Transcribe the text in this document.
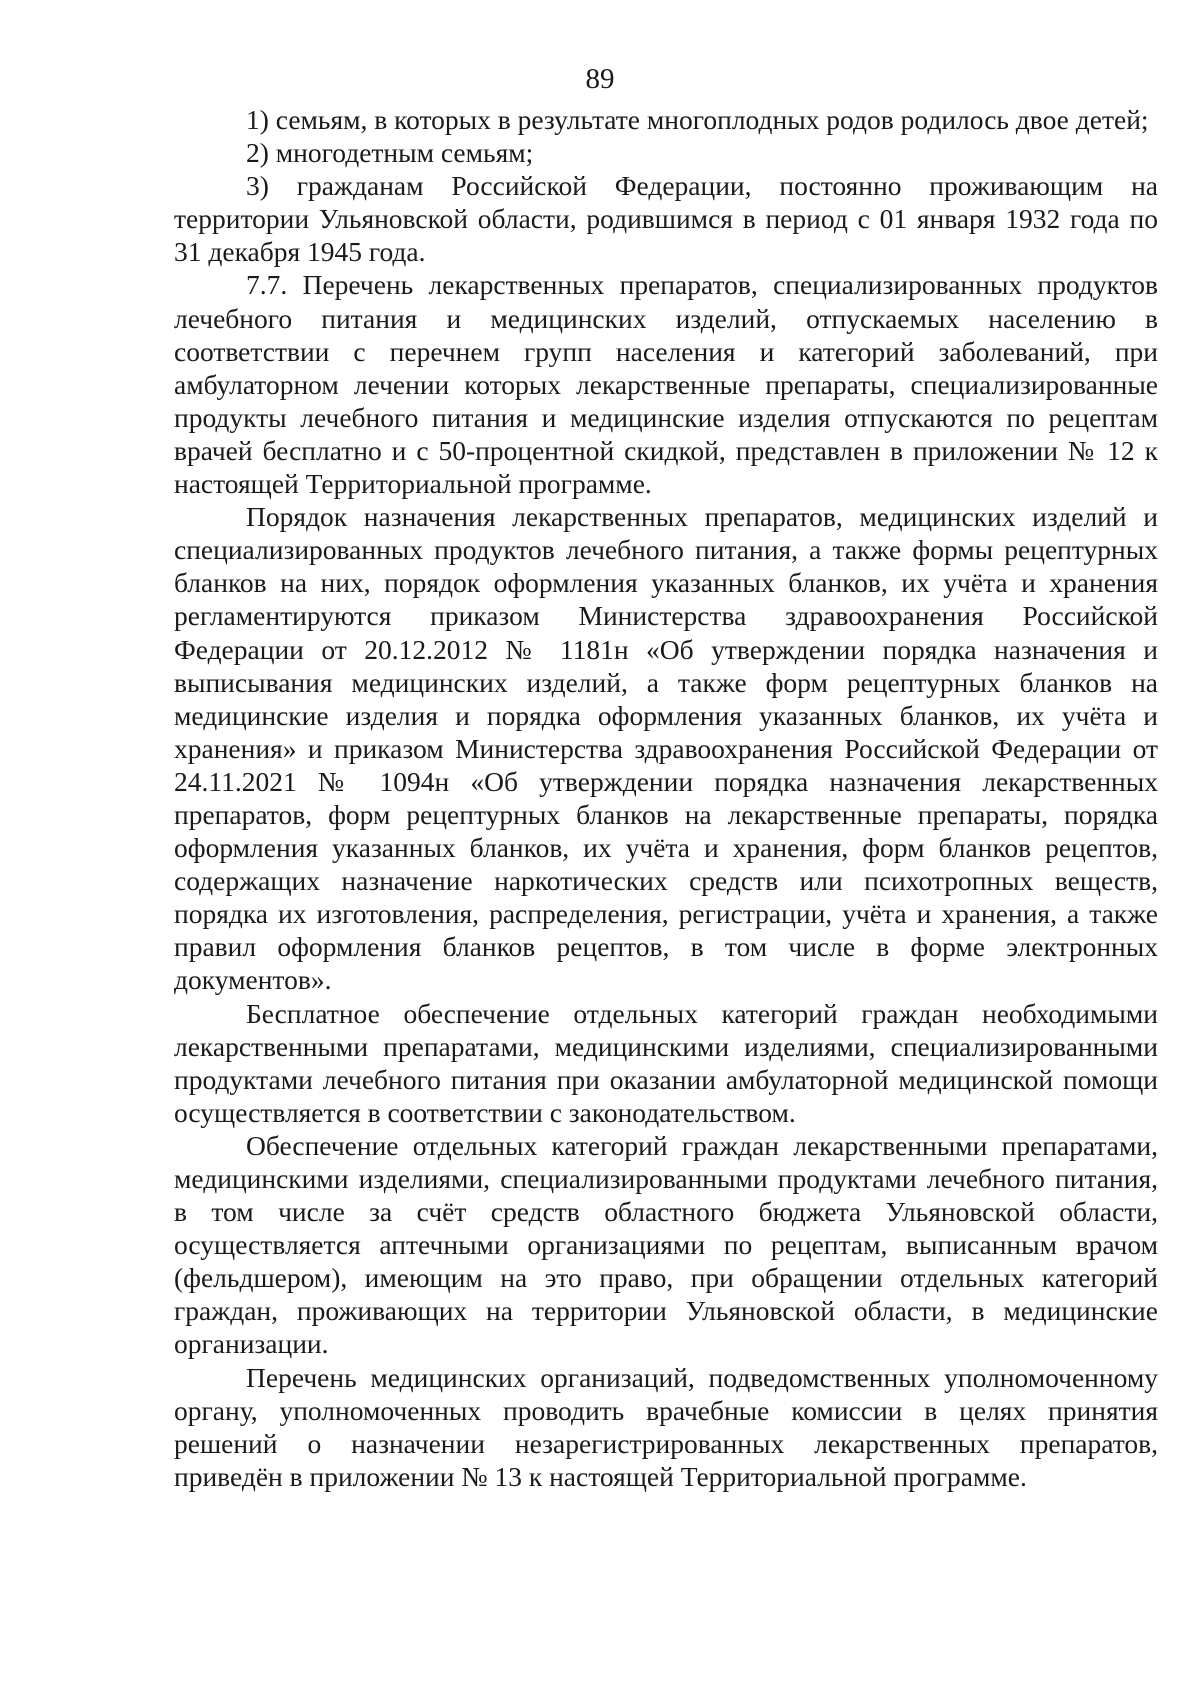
89

1) семьям, в которых в результате многоплодных родов родилось двое детей;

2) многодетным семьям;

3) гражданам Российской Федерации, постоянно проживающим на территории Ульяновской области, родившимся в период с 01 января 1932 года по 31 декабря 1945 года.

7.7. Перечень лекарственных препаратов, специализированных продуктов лечебного питания и медицинских изделий, отпускаемых населению в соответствии с перечнем групп населения и категорий заболеваний, при амбулаторном лечении которых лекарственные препараты, специализированные продукты лечебного питания и медицинские изделия отпускаются по рецептам врачей бесплатно и с 50-процентной скидкой, представлен в приложении № 12 к настоящей Территориальной программе.

Порядок назначения лекарственных препаратов, медицинских изделий и специализированных продуктов лечебного питания, а также формы рецептурных бланков на них, порядок оформления указанных бланков, их учёта и хранения регламентируются приказом Министерства здравоохранения Российской Федерации от 20.12.2012 № 1181н «Об утверждении порядка назначения и выписывания медицинских изделий, а также форм рецептурных бланков на медицинские изделия и порядка оформления указанных бланков, их учёта и хранения» и приказом Министерства здравоохранения Российской Федерации от 24.11.2021 № 1094н «Об утверждении порядка назначения лекарственных препаратов, форм рецептурных бланков на лекарственные препараты, порядка оформления указанных бланков, их учёта и хранения, форм бланков рецептов, содержащих назначение наркотических средств или психотропных веществ, порядка их изготовления, распределения, регистрации, учёта и хранения, а также правил оформления бланков рецептов, в том числе в форме электронных документов».

Бесплатное обеспечение отдельных категорий граждан необходимыми лекарственными препаратами, медицинскими изделиями, специализированными продуктами лечебного питания при оказании амбулаторной медицинской помощи осуществляется в соответствии с законодательством.

Обеспечение отдельных категорий граждан лекарственными препаратами, медицинскими изделиями, специализированными продуктами лечебного питания, в том числе за счёт средств областного бюджета Ульяновской области, осуществляется аптечными организациями по рецептам, выписанным врачом (фельдшером), имеющим на это право, при обращении отдельных категорий граждан, проживающих на территории Ульяновской области, в медицинские организации.

Перечень медицинских организаций, подведомственных уполномоченному органу, уполномоченных проводить врачебные комиссии в целях принятия решений о назначении незарегистрированных лекарственных препаратов, приведён в приложении № 13 к настоящей Территориальной программе.
